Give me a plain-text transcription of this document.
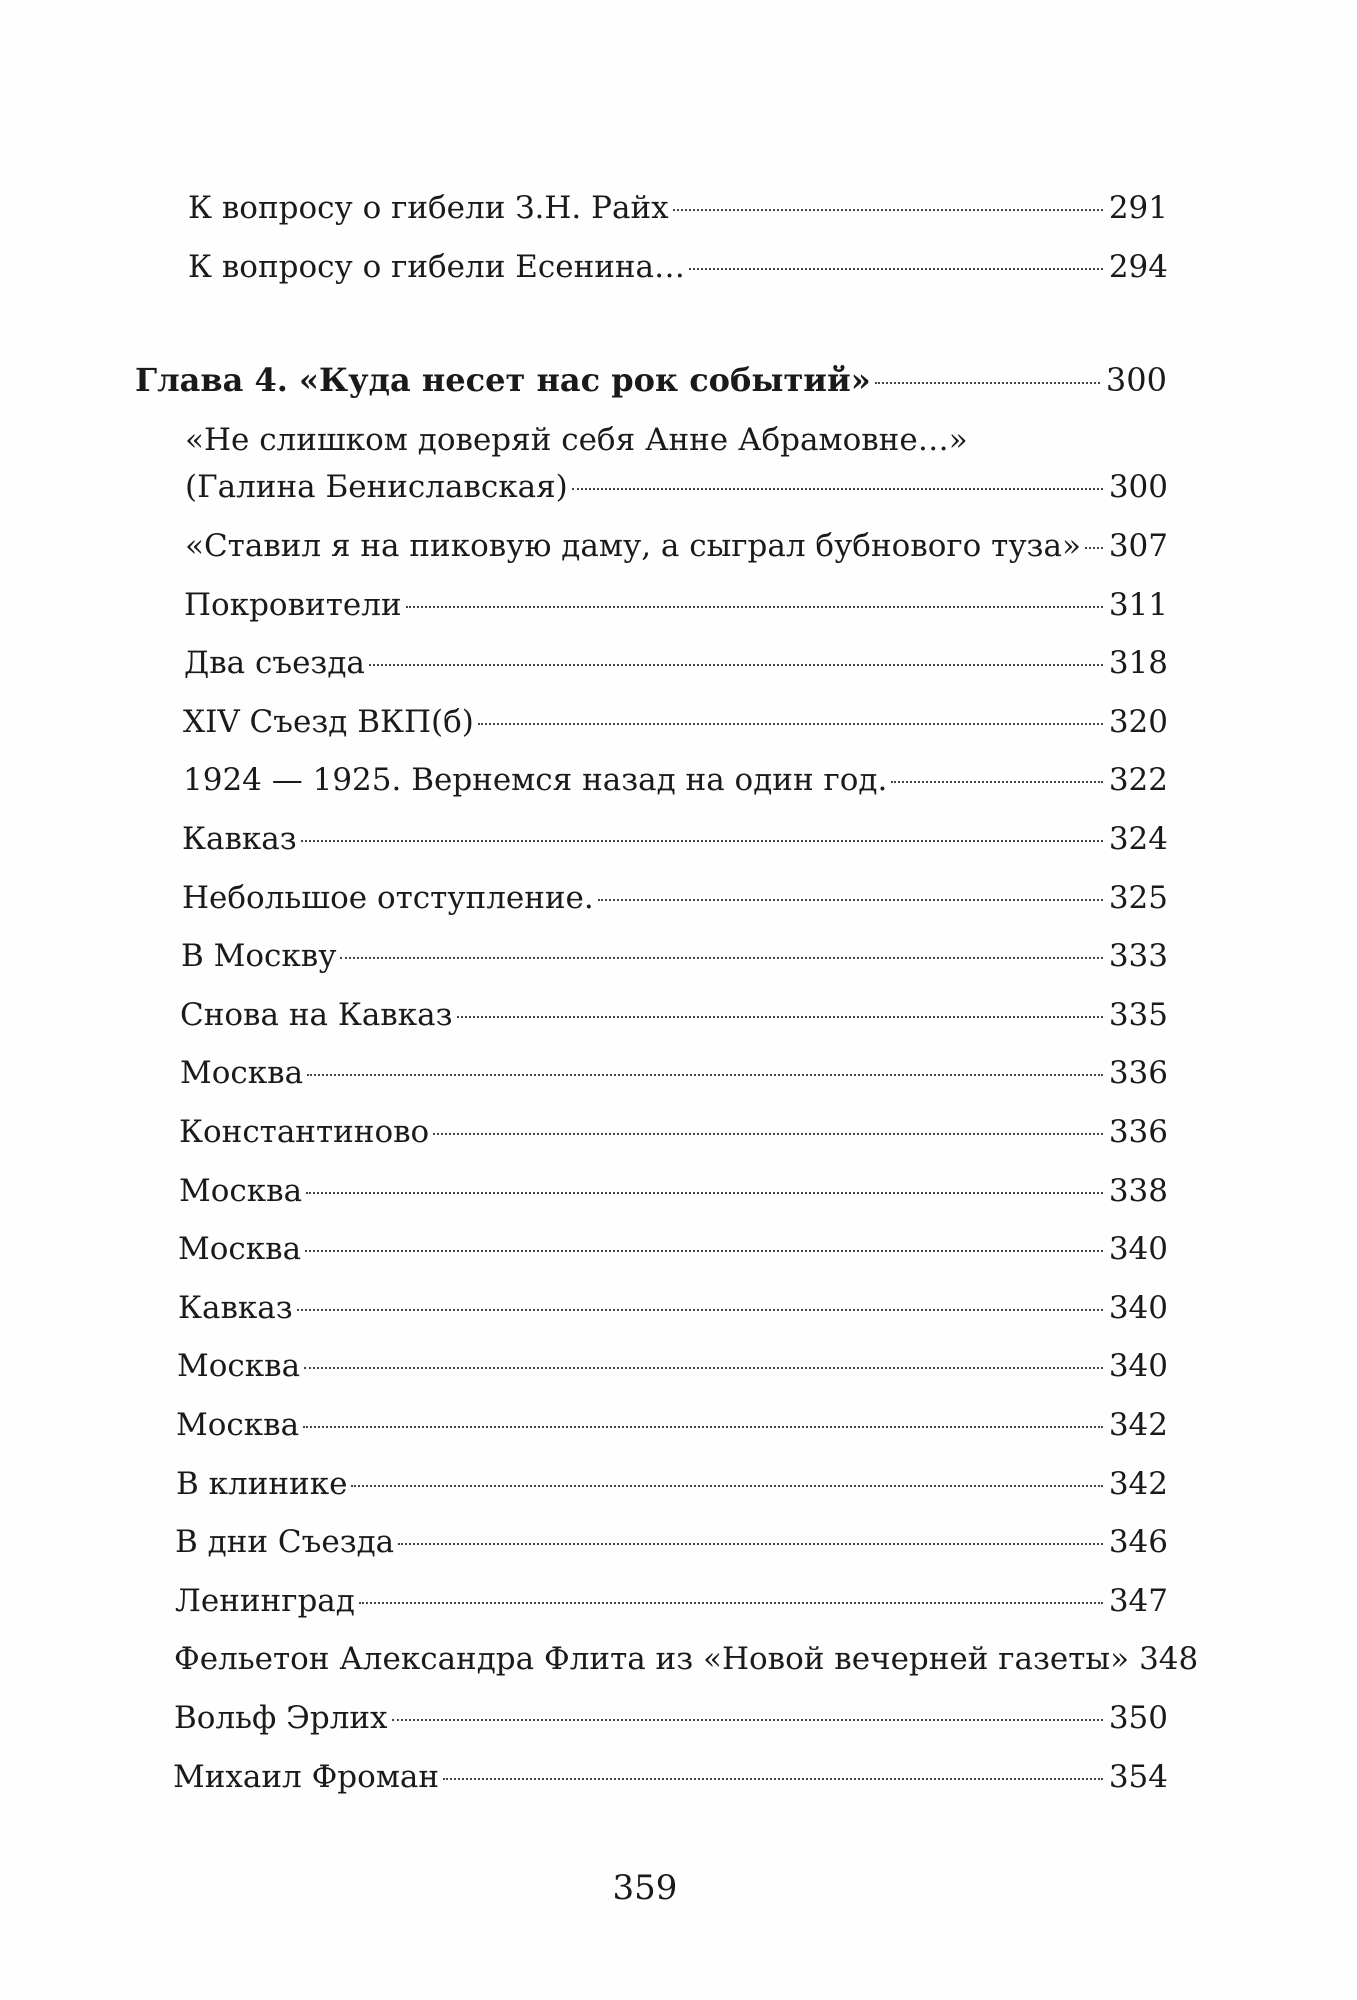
К вопросу о гибели З.Н. Райх	291
К вопросу о гибели Есенина…	294
Глава 4. «Куда несет нас рок событий»	300
«Не слишком доверяй себя Анне Абрамовне…»
(Галина Бениславская)	300
«Ставил я на пиковую даму, а сыграл бубнового туза» 307
Покровители	311
Два съезда	318
XIV Съезд ВКП(б)	320
1924 — 1925. Вернемся назад на один год.	322
Кавказ	324
Небольшое отступление.	325
В Москву	333
Снова на Кавказ	335
Москва	336
Константиново	336
Москва	338
Москва	340
Кавказ	340
Москва	340
Москва	342
В клинике	342
В дни Съезда	346
Ленинград	347
Фельетон Александра Флита из «Новой вечерней газеты» 348
Вольф Эрлих	350
Михаил Фроман	354
359
